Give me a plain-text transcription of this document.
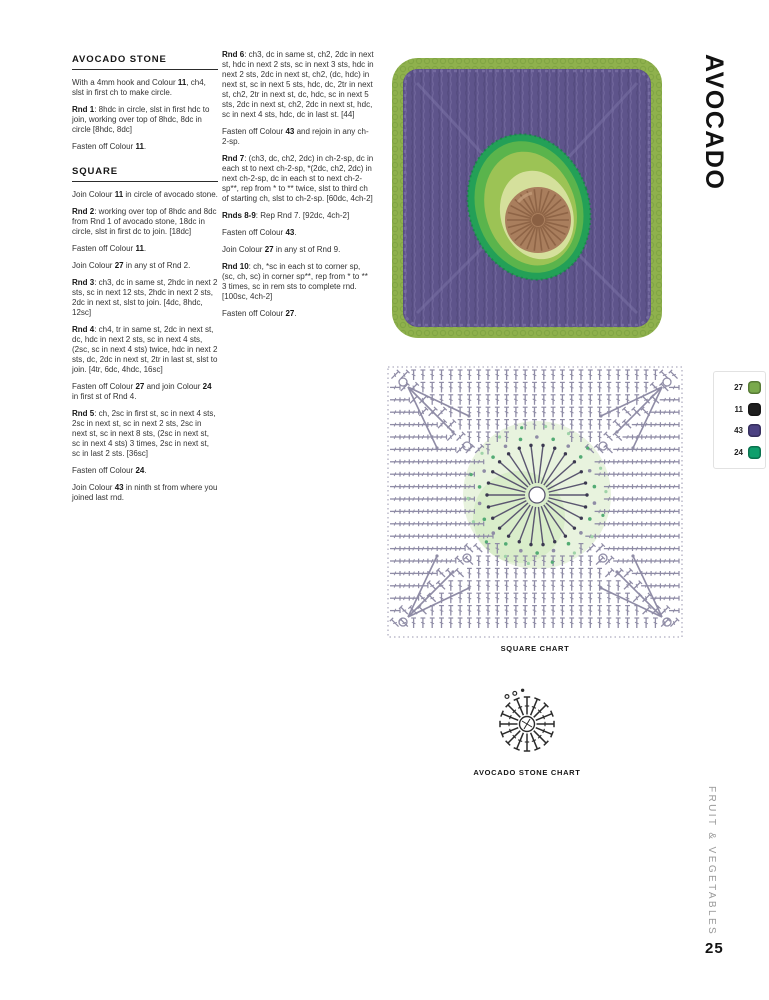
AVOCADO STONE

With a 4mm hook and Colour 11, ch4, slst in first ch to make circle.

Rnd 1: 8hdc in circle, slst in first hdc to join, working over top of 8hdc, 8dc in circle [8hdc, 8dc]

Fasten off Colour 11.

SQUARE

Join Colour 11 in circle of avocado stone.

Rnd 2: working over top of 8hdc and 8dc from Rnd 1 of avocado stone, 18dc in circle, slst in first dc to join. [18dc]

Fasten off Colour 11.

Join Colour 27 in any st of Rnd 2.

Rnd 3: ch3, dc in same st, 2hdc in next 2 sts, sc in next 12 sts, 2hdc in next 2 sts, 2dc in next st, slst to join. [4dc, 8hdc, 12sc]

Rnd 4: ch4, tr in same st, 2dc in next st, dc, hdc in next 2 sts, sc in next 4 sts, (2sc, sc in next 4 sts) twice, hdc in next 2 sts, dc, 2dc in next st, 2tr in last st, slst to join. [4tr, 6dc, 4hdc, 16sc]

Fasten off Colour 27 and join Colour 24 in first st of Rnd 4.

Rnd 5: ch, 2sc in first st, sc in next 4 sts, 2sc in next st, sc in next 2 sts, 2sc in next st, sc in next 8 sts, (2sc in next st, sc in next 4 sts) 3 times, 2sc in next st, sc in last 2 sts. [36sc]

Fasten off Colour 24.

Join Colour 43 in ninth st from where you joined last rnd.

Rnd 6: ch3, dc in same st, ch2, 2dc in next st, hdc in next 2 sts, sc in next 3 sts, hdc in next 2 sts, 2dc in next st, ch2, (dc, hdc) in next st, sc in next 5 sts, hdc, dc, 2tr in next st, ch2, 2tr in next st, dc, hdc, sc in next 5 sts, 2dc in next st, ch2, 2dc in next st, hdc, sc in next 4 sts, hdc, dc in last st. [44]

Fasten off Colour 43 and rejoin in any ch-2-sp.

Rnd 7: (ch3, dc, ch2, 2dc) in ch-2-sp, dc in each st to next ch-2-sp, *(2dc, ch2, 2dc) in next ch-2-sp, dc in each st to next ch-2-sp**, rep from * to ** twice, slst to third ch of starting ch, slst to ch-2-sp. [60dc, 4ch-2]

Rnds 8-9: Rep Rnd 7. [92dc, 4ch-2]

Fasten off Colour 43.

Join Colour 27 in any st of Rnd 9.

Rnd 10: ch, *sc in each st to corner sp, (sc, ch, sc) in corner sp**, rep from * to ** 3 times, sc in rem sts to complete rnd. [100sc, 4ch-2]

Fasten off Colour 27.

27
11
43
24
SQUARE CHART
AVOCADO STONE CHART
AVOCADO
FRUIT & VEGETABLES
25
